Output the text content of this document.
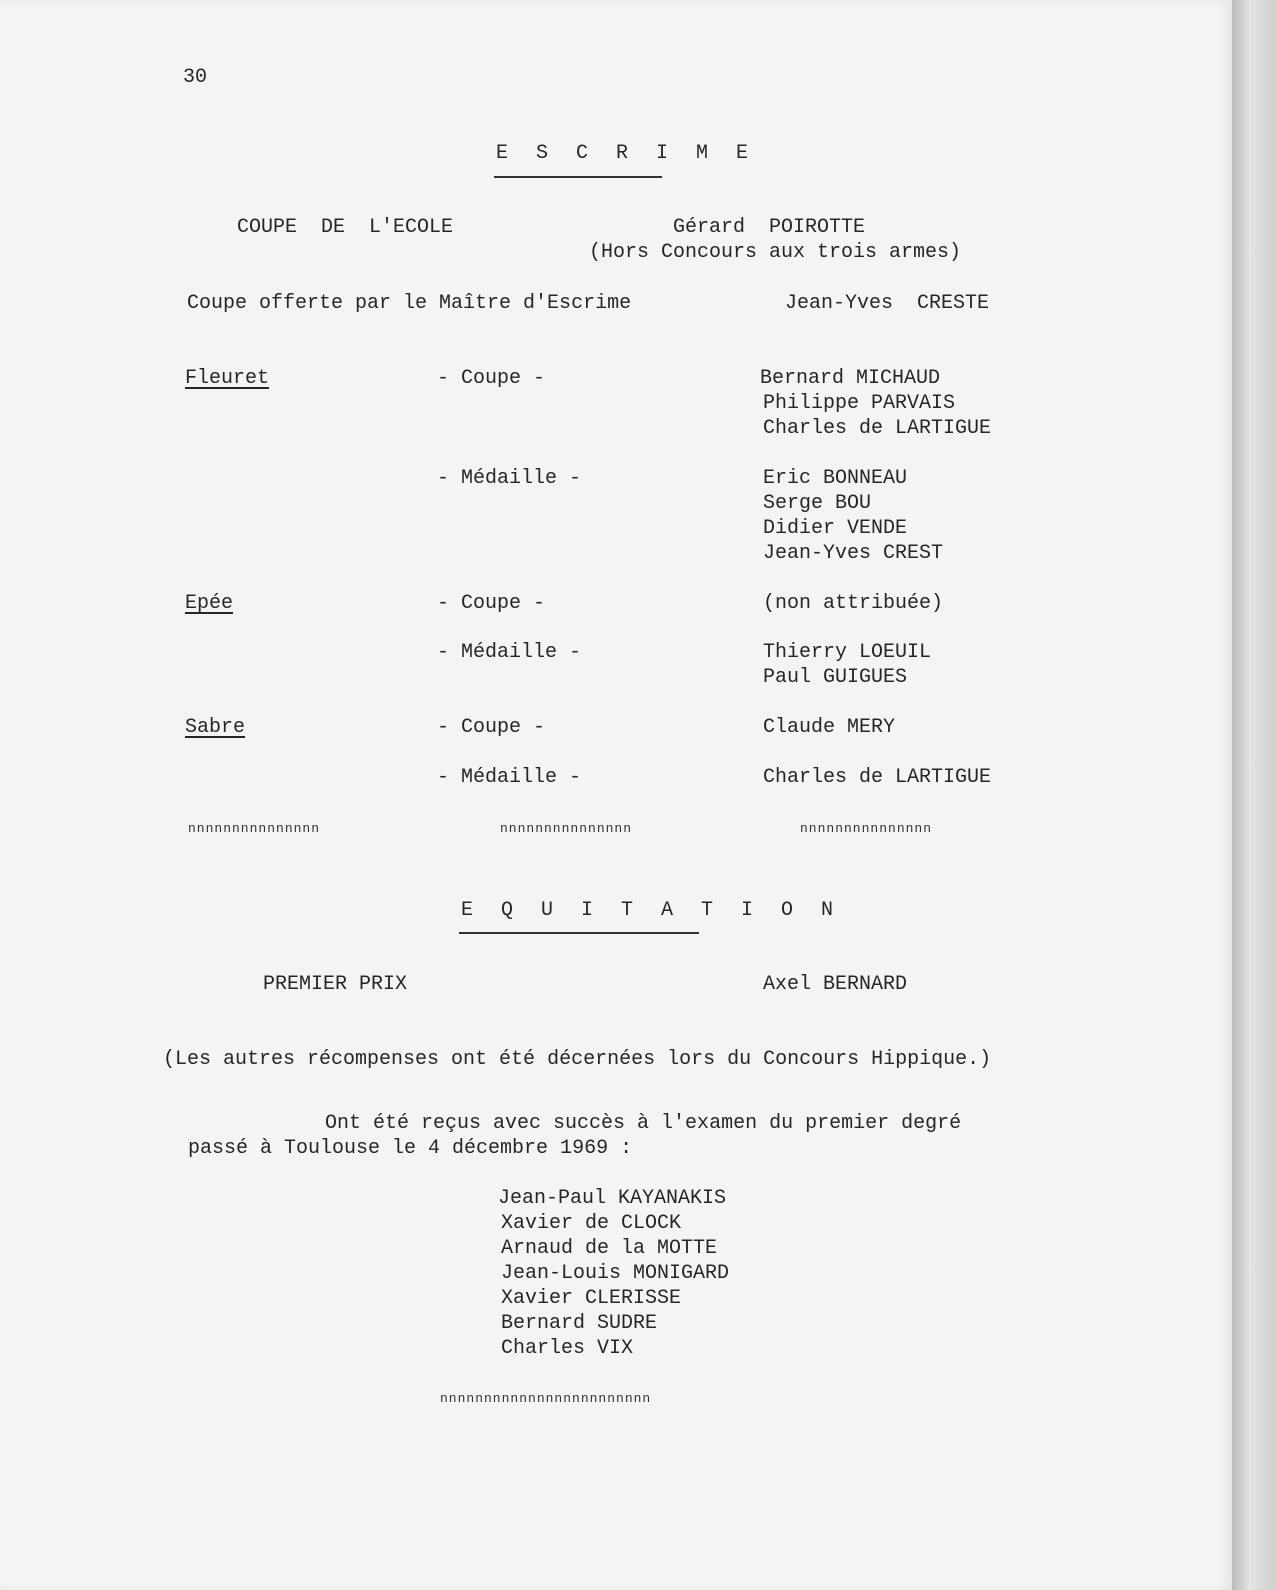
30
E S C R I M E
COUPE  DE  L'ECOLE	Gérard  POIROTTE
(Hors Concours aux trois armes)
Coupe offerte par le Maître d'Escrime	Jean-Yves  CRESTE
Fleuret	- Coupe -	Bernard MICHAUD
Philippe PARVAIS
Charles de LARTIGUE
- Médaille -	Eric BONNEAU
Serge BOU
Didier VENDE
Jean-Yves CREST
Epée	- Coupe -	(non attribuée)
- Médaille -	Thierry LOEUIL
Paul GUIGUES
Sabre	- Coupe -	Claude MERY
- Médaille -	Charles de LARTIGUE
nnnnnnnnnnnnnnn	nnnnnnnnnnnnnnn	nnnnnnnnnnnnnnn
E Q U I T A T I O N
PREMIER PRIX	Axel BERNARD
(Les autres récompenses ont été décernées lors du Concours Hippique.)
Ont été reçus avec succès à l'examen du premier degré
passé à Toulouse le 4 décembre 1969 :
Jean-Paul KAYANAKIS
Xavier de CLOCK
Arnaud de la MOTTE
Jean-Louis MONIGARD
Xavier CLERISSE
Bernard SUDRE
Charles VIX
nnnnnnnnnnnnnnnnnnnnnnnn
